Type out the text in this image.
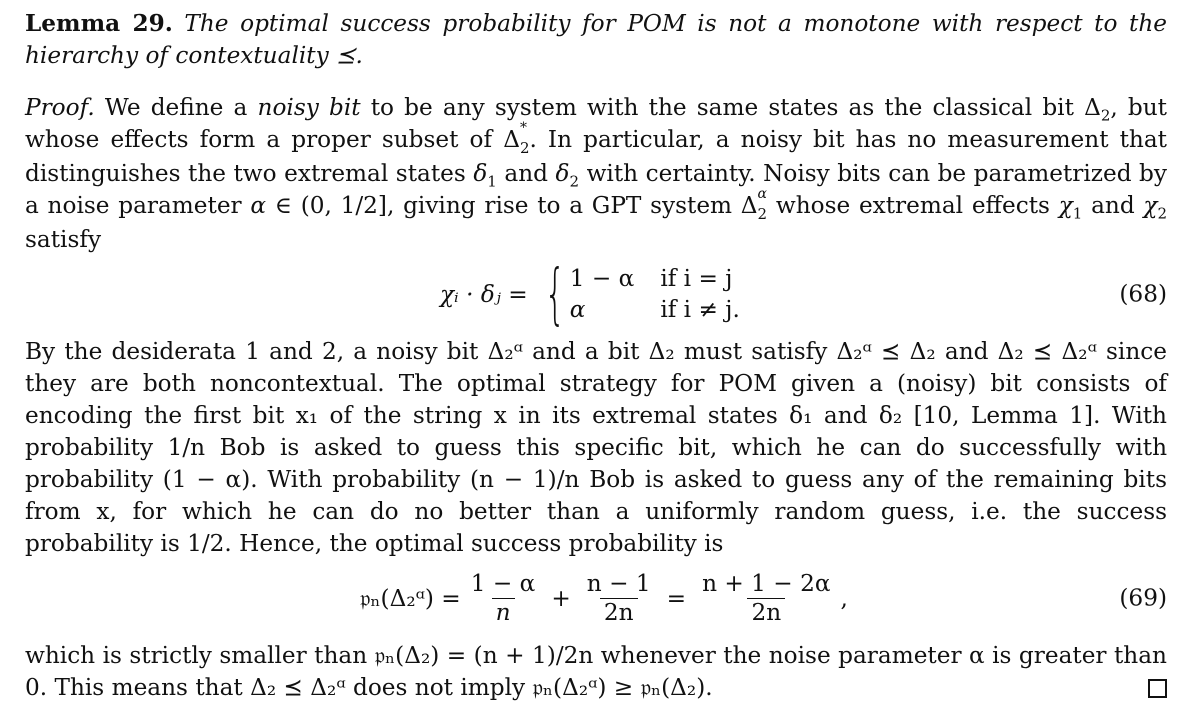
Lemma 29. The optimal success probability for POM is not a monotone with respect to the hierarchy of contextuality ⪯.

Proof. We define a noisy bit to be any system with the same states as the classical bit $\Delta_2$, but whose effects form a proper subset of Δ *
$_2$. In particular, a noisy bit has no measurement that distinguishes the two extremal states $\delta_1$ and $\delta_2$ with certainty. Noisy bits can be parametrized by a noise parameter α ∈ (0, 1/2], giving rise to a GPT system Δ α
$_2$ whose extremal effects $\chi_1$ and $\chi_2$ satisfy

χᵢ · δⱼ = { 1 − α if i = j
α	if i ≠ j.
(68)

By the desiderata 1 and 2, a noisy bit Δ₂ᵅ and a bit Δ₂ must satisfy Δ₂ᵅ ⪯ Δ₂ and Δ₂ ⪯ Δ₂ᵅ since they are both noncontextual. The optimal strategy for POM given a (noisy) bit consists of encoding the first bit x₁ of the string x in its extremal states δ₁ and δ₂ [10, Lemma 1]. With probability 1/n Bob is asked to guess this specific bit, which he can do successfully with probability (1 − α). With probability (n − 1)/n Bob is asked to guess any of the remaining bits from x, for which he can do no better than a uniformly random guess, i.e. the success probability is 1/2. Hence, the optimal success probability is

𝔭ₙ(Δ₂ᵅ) = $\frac{1 - \alpha}{n} + \frac{n - 1}{2n} = \frac{n + 1 - 2\alpha}{2n}$ ,	(69)

which is strictly smaller than 𝔭ₙ(Δ₂) = (n + 1)/2n whenever the noise parameter α is greater than 0. This means that Δ₂ ⪯ Δ₂ᵅ does not imply 𝔭ₙ(Δ₂ᵅ) ≥ 𝔭ₙ(Δ₂).
